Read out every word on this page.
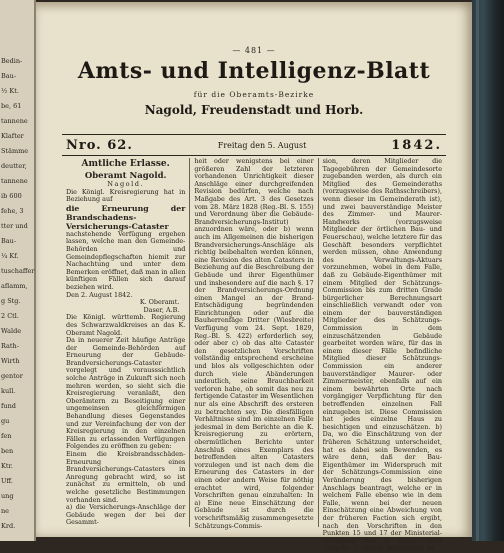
Bedin-
Bau-
½ Kt.
be, 61
tannene
Klafter
Stämme
deutter,
tannene
ib 600
fehe, 3
tter und
Bau-
¼ Kf.
tuschaffer
aflamm,
g Stg.
2 Ctl.
Walde
Rath-
Wirth
gentor
kull.
fund
gu
fen
ben
Ktr.
Uff.
ung
ne
Krd.
— 481 —
Amts- und Intelligenz-Blatt
für die Oberamts-Bezirke
Nagold, Freudenstadt und Horb.
Nro. 62.	Freitag den 5. August	1842.
Amtliche Erlasse.
Oberamt Nagold.
Nagold.

Die Königl. Kreisregierung hat in Beziehung auf

die Erneurung der Brandschadens-Versicherungs-Cataster

nachstehende Verfügung ergehen lassen, welche man den Gemeinde-Behörden und Gemeindepflegschaften hiemit zur Nachachtung und unter dem Bemerken eröffnet, daß man in allen künftigen Fällen sich darauf beziehen wird.

Den 2. August 1842.

K. Oberamt.

Daser, A.B.

Die Königl. württemb. Regierung des Schwarzwaldkreises an das K. Oberamt Nagold.

Da in neuerer Zeit häufige Anträge der Gemeinde-Behörden auf Erneurung der Gebäude-Brandversicherungs-Cataster vorgelegt und vorausssichtlich solche Anträge in Zukunft sich noch mehren werden, so sieht sich die Kreisregierung veranlaßt, den Oberämtern zu Beseitigung einer ungemeinsen gleichförmigen Behandlung dieses Gegenstandes und zur Vereinfachung der von der Kreisregierung in den einzelnen Fällen zu erlassenden Verfügungen Folgendes zu eröffnen zu geben:

Einem die Kreisbrandsschäden-Erneurung eines Brandversicherungs-Catasters in Anregung gebracht wird, so ist zunächst zu ermitteln, ob und welche gesetzliche Bestimmungen vorhanden sind.

a) die Versicherungs-Anschläge der Gebäude wegen der bei der Gesammt-

heit oder wenigstens bei einer größeren Zahl der letzteren vorhandenen Unrichtigkeit dieser Anschläge einer durchgreifenden Revision bedürfen, welche nach Maßgabe des Art. 3 des Gesetzes vom 28. März 1828 (Reg.-Bl. S. 155) und Verordnung über die Gebäude-Brandversicherungs-Institut) anzuordnen wäre, oder b) wenn auch im Allgemeinen die bisherigen Brandversicherungs-Anschläge als richtig beibehalten werden können, eine Revision des alten Catasters in Beziehung auf die Beschreibung der Gebäude und ihrer Eigenthümer und insbesondere auf die nach §. 17 der Brandversicherungs-Ordnung einen Mangel an der Brand-Entschädigung begründenden Einrichtungen oder auf die Bauherrenfäge Dritter (Wiesbreite) Verfügung vom 24. Sept. 1829, Reg.-Bl. S. 422) erforderlich sey, oder aber c) ob das alte Cataster den gesetzlichen Vorschriften vollständig entsprechend erscheine und blos als vollgeschichten oder durch viele Abänderungen undeutlich, seine Brauchbarkeit verloren habe, ob somit das neu zu fertigende Cataster im Wesentlichen nur als eine Abschrift des ersteren zu betrachten sey. Die diesfälligen Verhältnisse sind im einzelnen Falle jedesmal in dem Berichte an die K. Kreisregierung zu erörtern, obermütlichen Berichte unter Anschluß eines Exemplars des betreffenden alten Catasters vorzulegen und ist nach dem die Erneurung des Catasters in der einen oder andern Weise für nöthig erachtet wird, folgender Vorschriften genau einzuhalten: In a) Eine neue Einschätzung der Gebäude ist durch die vorschriftsmäßig zusammengesetzte Schätzungs-Commis-

sion, deren Mitglieder die Tagegebühren der Gemeindesorte zugebanden werden, als durch ein Mitglied des Gemeinderaths (vorzugsweise des Rathsschreibers), wenn dieser im Gemeinderath ist), und zwei bauverständige Meister des Zimmer- und Maurer-Handwerks (vorzugsweise Mitglieder der örtlichen Bau- und Feuerschau), welche letztere für das Geschäft besonders verpflichtet werden müssen, ohne Anwendung des Verwaltungs-Aktuars vorzunehmen, wobei in dem Falle, daß zu Gebäude-Eigenthümer mit einem Mitglied der Schätzungs-Commission bis zum dritten Grade bürgerlicher Berechnungsart einschließlich verwandt oder von einem der bauverständigen Mitglieder des Schätzungs-Commission in dem einzuschätzenden Gebäude gearbeitet worden wäre, für das in einem dieser Fälle befindliche Mitglied dieser Schätzungs-Commission ein anderer bauverständiger Maurer- oder Zimmermeister, ebenfalls auf ein einem bewährten Orte nach vorgängiger Verpflichtung für den betreffenden einzelnen Fall einzugeben ist. Diese Commission hat jedes einzelne Haus zu besichtigen und einzuschätzen. b) Da, wo die Einschätzung von der früheren Schätzung unterscheidet, hat es dabei sein Bewenden, es wäre denn, daß der Bau-Eigenthümer im Widerspruch mit der Schätzungs-Commission eine Veränderung des bisherigen Anschlags beantragt, welche er in welchem Falle ebenso wie in dem Falle, wenn bei der neuen Einschätzung eine Abweichung von der früheren Faction sich ergibt, nach den Vorschriften in den Punkten 15 und 17 der Ministerial-Verfügung vom 2. Dezbr. 1830 (Reg.-Bl. S. 581) in Anwendung zu
